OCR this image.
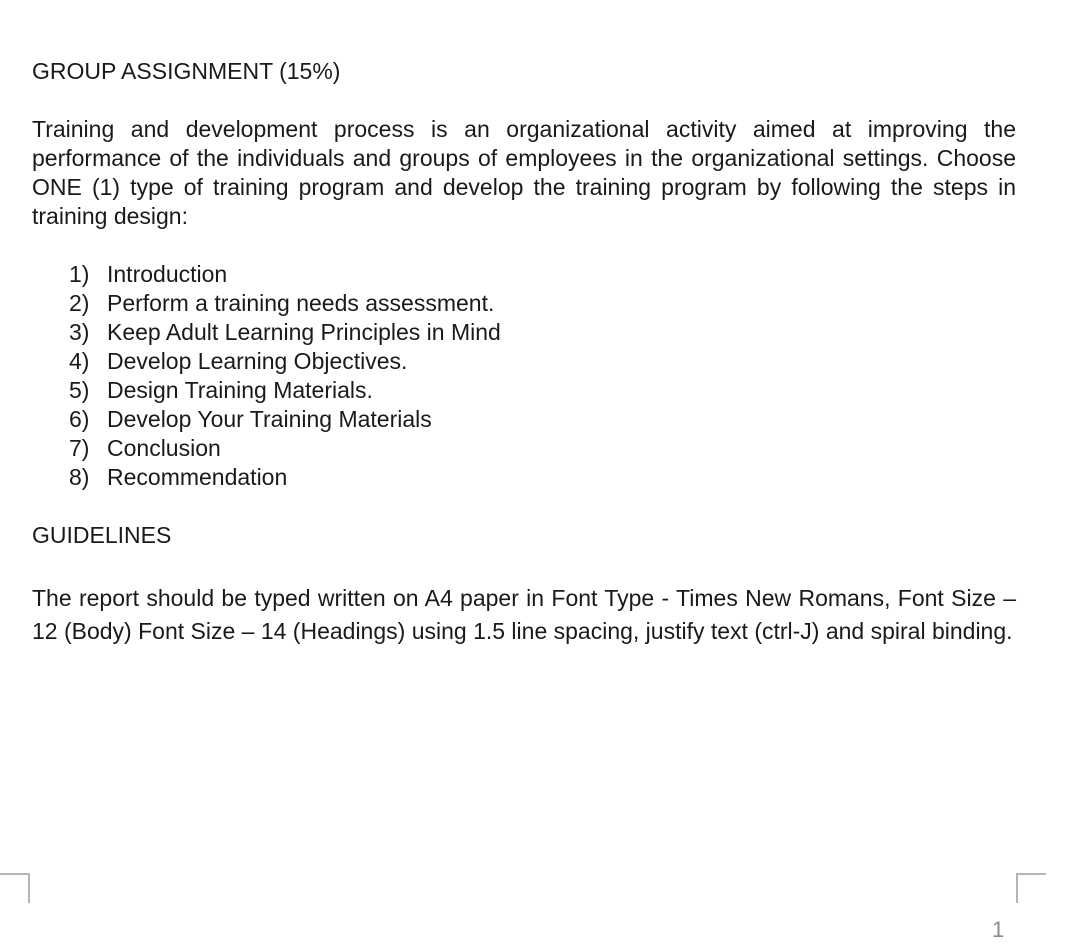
GROUP ASSIGNMENT (15%)

Training and development process is an organizational activity aimed at improving the performance of the individuals and groups of employees in the organizational settings. Choose ONE (1) type of training program and develop the training program by following the steps in training design:

1) Introduction
2) Perform a training needs assessment.
3) Keep Adult Learning Principles in Mind
4) Develop Learning Objectives.
5) Design Training Materials.
6) Develop Your Training Materials
7) Conclusion
8) Recommendation
GUIDELINES

The report should be typed written on A4 paper in Font Type - Times New Romans, Font Size – 12 (Body) Font Size – 14 (Headings) using 1.5 line spacing, justify text (ctrl-J) and spiral binding.

1
